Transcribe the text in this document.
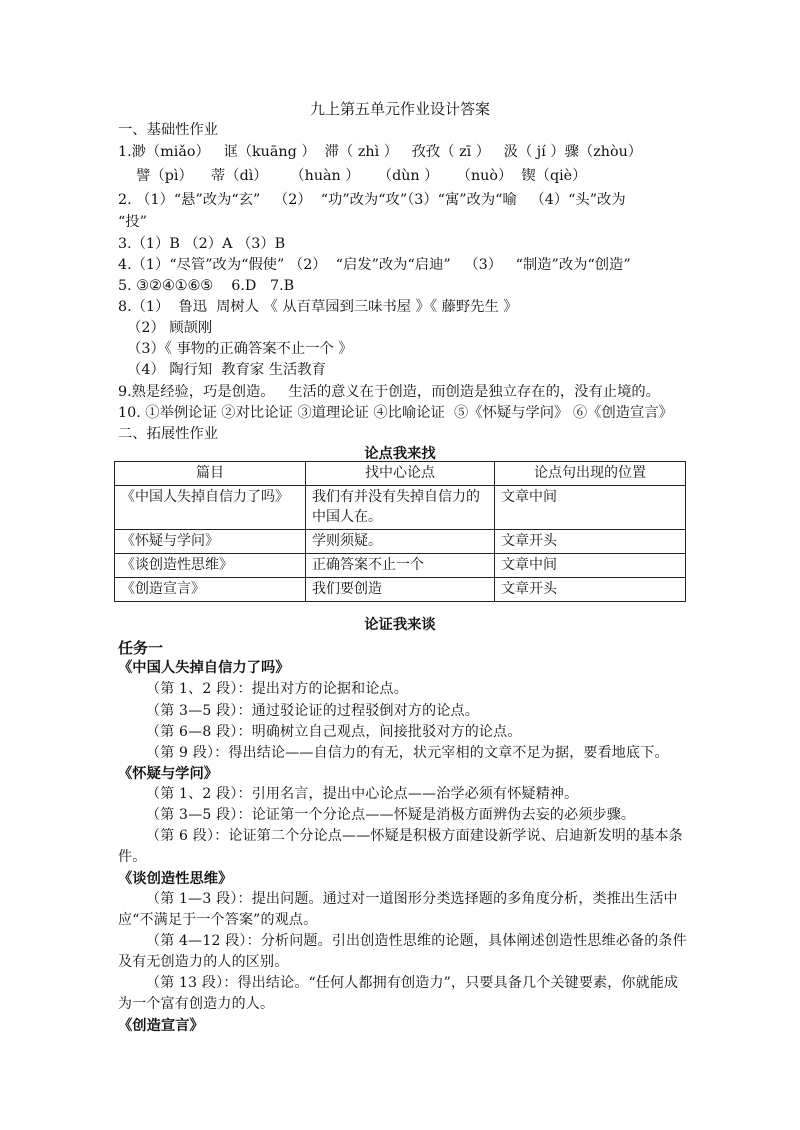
九上第五单元作业设计答案
一、基础性作业
1.渺（miǎo）   诓（kuāng ）  滞（ zhì ）   孜孜（ zī ）   汲（ jí ）骤（zhòu）
譬（pì）    蒂（dì）     （huàn ）    （dùn ）    （nuò）  锲（qiè）
2. （1）“悬”改为“玄”   （2）  “功”改为“攻”（3）“寓”改为“喻   （4）“头”改为
“投”
3.（1）B （2）A （3）B
4.（1）“尽管”改为“假使” （2）  “启发”改为“启迪”   （3）   “制造”改为“创造”
5. ③②④①⑥⑤    6.D   7.B
8.（1）  鲁迅  周树人 《 从百草园到三味书屋 》《 藤野先生 》
（2） 顾颉刚
（3）《 事物的正确答案不止一个 》
（4） 陶行知  教育家 生活教育
9.熟是经验，巧是创造。   生活的意义在于创造，而创造是独立存在的，没有止境的。
10. ①举例论证 ②对比论证 ③道理论证 ④比喻论证  ⑤《怀疑与学问》 ⑥《创造宣言》
二、拓展性作业
论点我来找
篇目	找中心论点	论点句出现的位置
《中国人失掉自信力了吗》	我们有并没有失掉自信力的中国人在。	文章中间
《怀疑与学问》	学则须疑。	文章开头
《谈创造性思维》	正确答案不止一个	文章中间
《创造宣言》	我们要创造	文章开头
论证我来谈
任务一
《中国人失掉自信力了吗》
（第 1、2 段）：提出对方的论据和论点。
（第 3—5 段）：通过驳论证的过程驳倒对方的论点。
（第 6—8 段）：明确树立自己观点，间接批驳对方的论点。
（第 9 段）：得出结论——自信力的有无，状元宰相的文章不足为据，要看地底下。
《怀疑与学问》
（第 1、2 段）：引用名言，提出中心论点——治学必须有怀疑精神。
（第 3—5 段）：论证第一个分论点——怀疑是消极方面辨伪去妄的必须步骤。
（第 6 段）：论证第二个分论点——怀疑是积极方面建设新学说、启迪新发明的基本条件。
《谈创造性思维》
（第 1—3 段）：提出问题。通过对一道图形分类选择题的多角度分析，类推出生活中应“不满足于一个答案”的观点。
（第 4—12 段）：分析问题。引出创造性思维的论题，具体阐述创造性思维必备的条件及有无创造力的人的区别。
（第 13 段）：得出结论。“任何人都拥有创造力”，只要具备几个关键要素，你就能成为一个富有创造力的人。
《创造宣言》
